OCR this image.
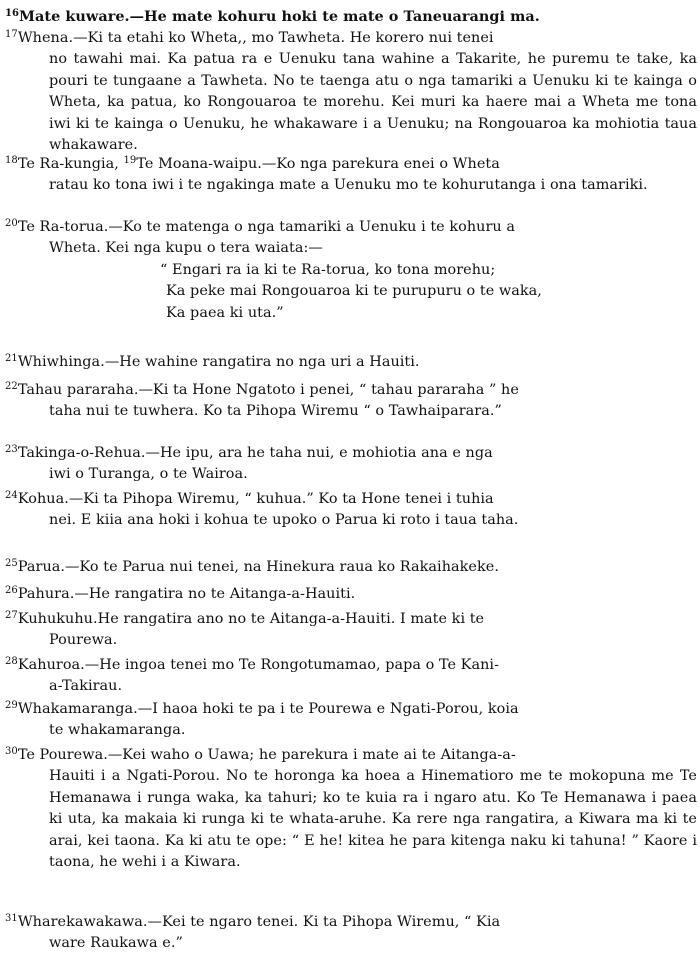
$^{16}$Mate kuware.—He mate kohuru hoki te mate o Taneuarangi ma.
$^{17}$Whena.—Ki ta etahi ko Wheta,, mo Tawheta. He korero nui tenei
no tawahi mai. Ka patua ra e Uenuku tana wahine a Takarite, he puremu te take, ka pouri te tungaane a Tawheta. No te taenga atu o nga tamariki a Uenuku ki te kainga o Wheta, ka patua, ko Rongouaroa te morehu. Kei muri ka haere mai a Wheta me tona iwi ki te kainga o Uenuku, he whakaware i a Uenuku; na Rongouaroa ka mohiotia taua whakaware.
$^{18}$Te Ra-kungia, $^{19}$Te Moana-waipu.—Ko nga parekura enei o Wheta
ratau ko tona iwi i te ngakinga mate a Uenuku mo te kohurutanga i ona tamariki.
$^{20}$Te Ra-torua.—Ko te matenga o nga tamariki a Uenuku i te kohuru a
Wheta. Kei nga kupu o tera waiata:—
“ Engari ra ia ki te Ra-torua, ko tona morehu;
Ka peke mai Rongouaroa ki te purupuru o te waka,
Ka paea ki uta.”
$^{21}$Whiwhinga.—He wahine rangatira no nga uri a Hauiti.
$^{22}$Tahau pararaha.—Ki ta Hone Ngatoto i penei, “ tahau pararaha ” he
taha nui te tuwhera. Ko ta Pihopa Wiremu “ o Tawhaipararа.”
$^{23}$Takinga-o-Rehua.—He ipu, ara he taha nui, e mohiotia ana e nga
iwi o Turanga, o te Wairoa.
$^{24}$Kohua.—Ki ta Pihopa Wiremu, “ kuhua.” Ko ta Hone tenei i tuhia
nei. E kiia ana hoki i kohua te upoko o Parua ki roto i taua taha.
$^{25}$Parua.—Ko te Parua nui tenei, na Hinekura raua ko Rakaihakeke.
$^{26}$Pahura.—He rangatira no te Aitanga-a-Hauiti.
$^{27}$Kuhukuhu.He rangatira ano no te Aitanga-a-Hauiti. I mate ki te
Pourewa.
$^{28}$Kahuroa.—He ingoa tenei mo Te Rongotumamao, papa o Te Kani-
a-Takirau.
$^{29}$Whakamaranga.—I haoa hoki te pa i te Pourewa e Ngati-Porou, koia
te whakamaranga.
$^{30}$Te Pourewa.—Kei waho o Uawa; he parekura i mate ai te Aitanga-a-
Hauiti i a Ngati-Porou. No te horonga ka hoea a Hinematioro me te mokopuna me Te Hemanawa i runga waka, ka tahuri; ko te kuia ra i ngaro atu. Ko Te Hemanawa i paea ki uta, ka makaia ki runga ki te whata-aruhe. Ka rere nga rangatira, a Kiwara ma ki te arai, kei taona. Ka ki atu te ope: “ E he! kitea he para kitenga naku ki tahuna! ” Kaore i taona, he wehi i a Kiwara.
$^{31}$Wharekawakawa.—Kei te ngaro tenei. Ki ta Pihopa Wiremu, “ Kia
ware Raukawa e.”
